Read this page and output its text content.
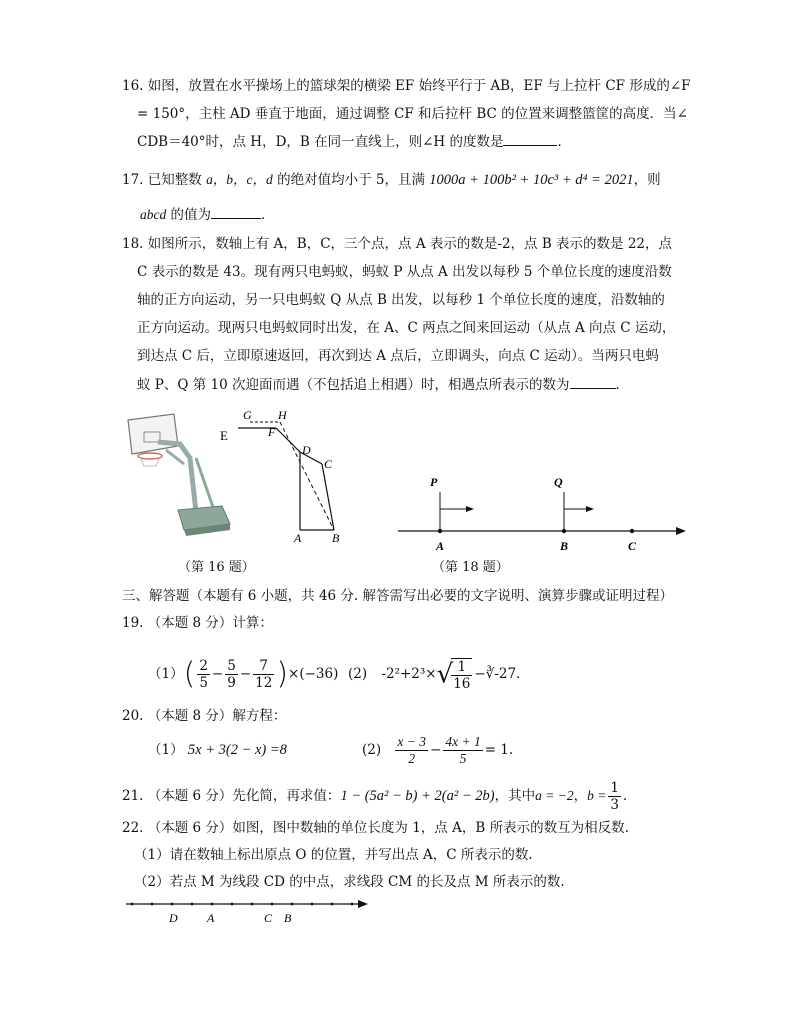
16. 如图，放置在水平操场上的篮球架的横梁 EF 始终平行于 AB，EF 与上拉杆 CF 形成的∠F
= 150°，主柱 AD 垂直于地面，通过调整 CF 和后拉杆 BC 的位置来调整篮筐的高度．当∠
CDB＝40°时，点 H，D，B 在同一直线上，则∠H 的度数是	．
17. 已知整数 a，b，c，d 的绝对值均小于 5，且满 1000a + 100b² + 10c³ + d⁴ = 2021，则
abcd 的值为	．
18. 如图所示，数轴上有 A，B，C，三个点，点 A 表示的数是-2，点 B 表示的数是 22，点
C 表示的数是 43。现有两只电蚂蚁，蚂蚁 P 从点 A 出发以每秒 5 个单位长度的速度沿数
轴的正方向运动，另一只电蚂蚁 Q 从点 B 出发，以每秒 1 个单位长度的速度，沿数轴的
正方向运动。现两只电蚂蚁同时出发，在 A、C 两点之间来回运动（从点 A 向点 C 运动，
到达点 C 后，立即原速返回，再次到达 A 点后，立即调头，向点 C 运动）。当两只电蚂
蚁 P、Q 第 10 次迎面而遇（不包括追上相遇）时，相遇点所表示的数为	．
G H
E	F
D
C
A	B
（第 16 题）
P	Q
A	B	C
（第 18 题）
三、解答题（本题有 6 小题，共 46 分. 解答需写出必要的文字说明、演算步骤或证明过程）
19. （本题 8 分）计算：
$(1)( \frac{2}{5} - \frac{5}{9} - \frac{7}{12} )\times(-36)$ (2) -2²+2³×√
$\frac{1}{16}$ −∛-27.
20. （本题 8 分）解方程：
（1） 5x + 3(2 − x) =8	$(2) \frac{x - 3}{2} - \frac{4x + 1}{5} = 1$.
21. （本题 6 分）先化简，再求值：1 − (5a² − b) + 2(a² − 2b)，其中a = −2，$b = \frac{1}{3}$ .
22. （本题 6 分）如图，图中数轴的单位长度为 1，点 A，B 所表示的数互为相反数.
（1）请在数轴上标出原点 O 的位置，并写出点 A，C 所表示的数.
（2）若点 M 为线段 CD 的中点，求线段 CM 的长及点 M 所表示的数.
D A	C B
